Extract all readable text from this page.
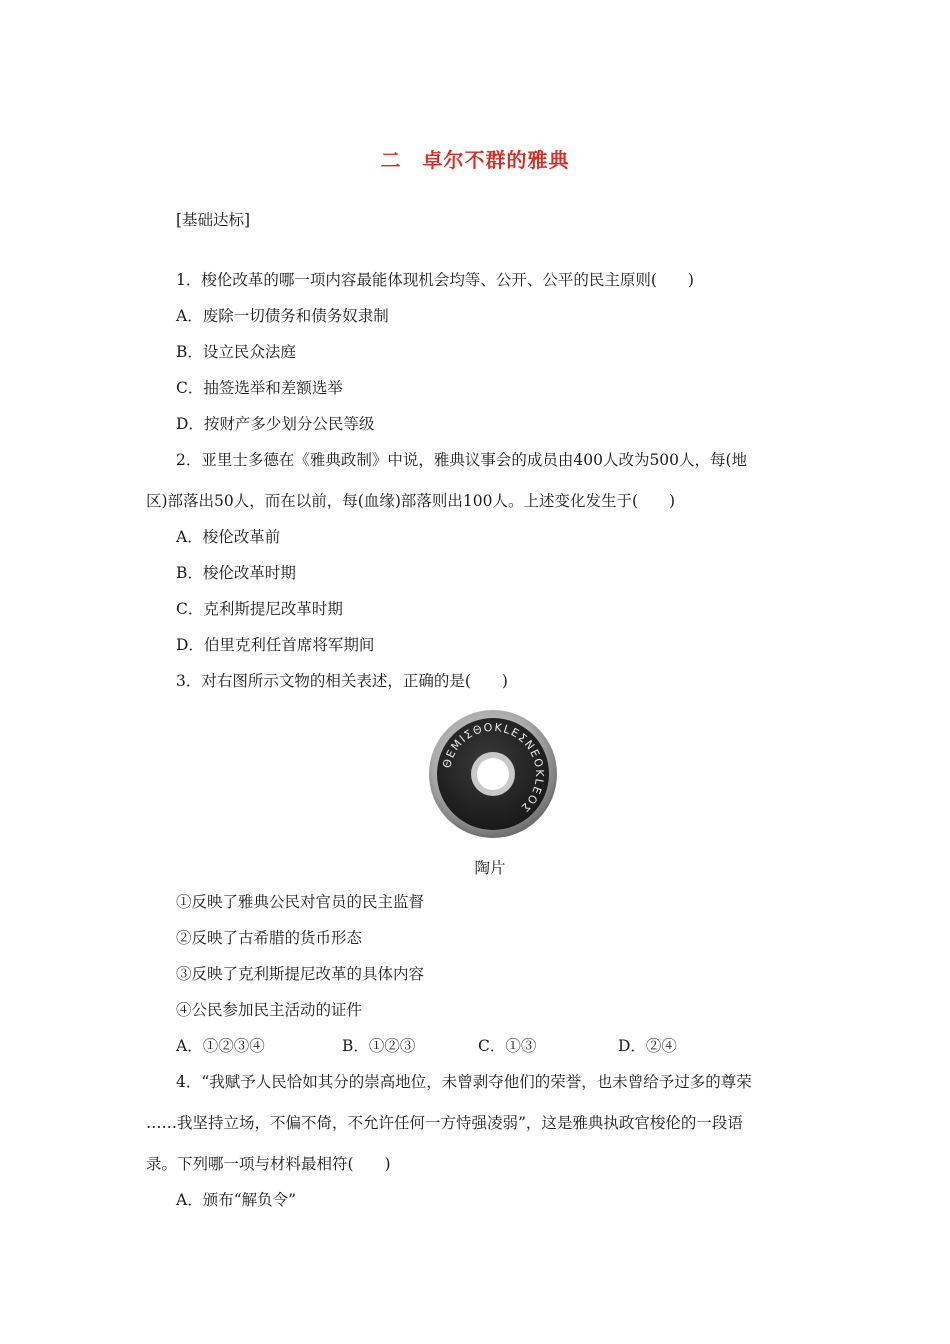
二　卓尔不群的雅典
[基础达标]
1．梭伦改革的哪一项内容最能体现机会均等、公开、公平的民主原则(　　)
A．废除一切债务和债务奴隶制
B．设立民众法庭
C．抽签选举和差额选举
D．按财产多少划分公民等级
2．亚里士多德在《雅典政制》中说，雅典议事会的成员由400人改为500人，每(地
区)部落出50人，而在以前，每(血缘)部落则出100人。上述变化发生于(　　)
A．梭伦改革前
B．梭伦改革时期
C．克利斯提尼改革时期
D．伯里克利任首席将军期间
3．对右图所示文物的相关表述，正确的是(　　)
ΘEMIΣΘOKLEΣNEOKLEOΣ
陶片
①反映了雅典公民对官员的民主监督
②反映了古希腊的货币形态
③反映了克利斯提尼改革的具体内容
④公民参加民主活动的证件
A．①②③④	B．①②③	C．①③	D．②④
4．“我赋予人民恰如其分的崇高地位，未曾剥夺他们的荣誉，也未曾给予过多的尊荣
……我坚持立场，不偏不倚，不允许任何一方恃强凌弱”，这是雅典执政官梭伦的一段语
录。下列哪一项与材料最相符(　　)
A．颁布“解负令”
